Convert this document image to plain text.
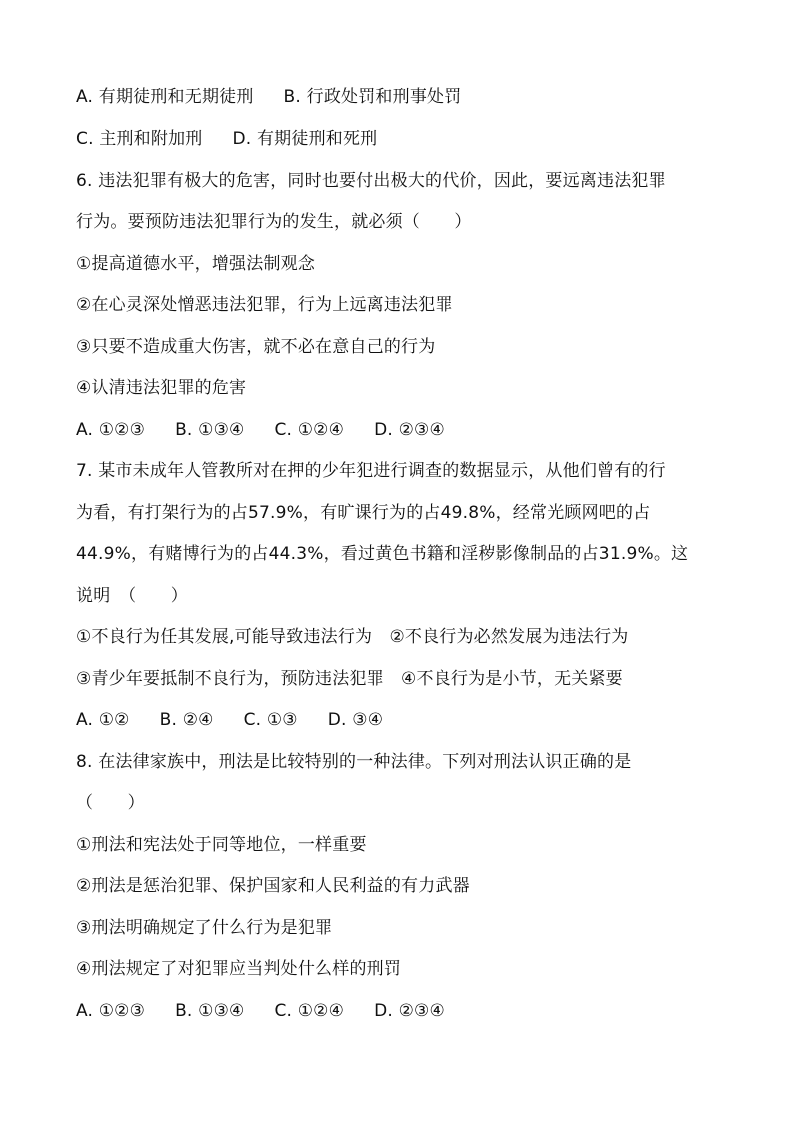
A. 有期徒刑和无期徒刑 B. 行政处罚和刑事处罚
C. 主刑和附加刑 D. 有期徒刑和死刑
6. 违法犯罪有极大的危害，同时也要付出极大的代价，因此，要远离违法犯罪
行为。要预防违法犯罪行为的发生，就必须（　　）
①提高道德水平，增强法制观念
②在心灵深处憎恶违法犯罪，行为上远离违法犯罪
③只要不造成重大伤害，就不必在意自己的行为
④认清违法犯罪的危害
A. ①②③ B. ①③④ C. ①②④ D. ②③④
7. 某市未成年人管教所对在押的少年犯进行调查的数据显示，从他们曾有的行
为看，有打架行为的占57.9%，有旷课行为的占49.8%，经常光顾网吧的占
44.9%，有赌博行为的占44.3%，看过黄色书籍和淫秽影像制品的占31.9%。这
说明　（　　）
①不良行为任其发展,可能导致违法行为　②不良行为必然发展为违法行为
③青少年要抵制不良行为，预防违法犯罪　④不良行为是小节，无关紧要
A. ①② B. ②④ C. ①③ D. ③④
8. 在法律家族中，刑法是比较特别的一种法律。下列对刑法认识正确的是
（　　）
①刑法和宪法处于同等地位，一样重要
②刑法是惩治犯罪、保护国家和人民利益的有力武器
③刑法明确规定了什么行为是犯罪
④刑法规定了对犯罪应当判处什么样的刑罚
A. ①②③ B. ①③④ C. ①②④ D. ②③④
